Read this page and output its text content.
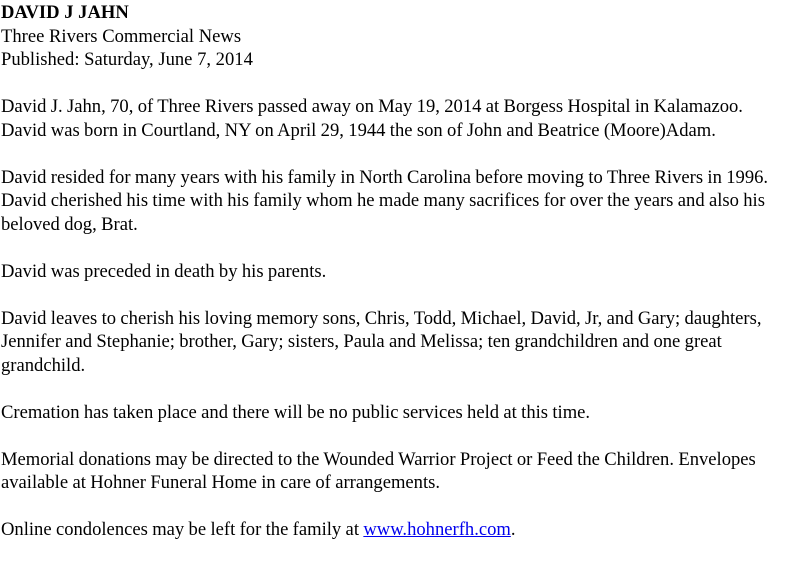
DAVID J JAHN
Three Rivers Commercial News
Published: Saturday, June 7, 2014

David J. Jahn, 70, of Three Rivers passed away on May 19, 2014 at Borgess Hospital in Kalamazoo. David was born in Courtland, NY on April 29, 1944 the son of John and Beatrice (Moore)Adam.

David resided for many years with his family in North Carolina before moving to Three Rivers in 1996. David cherished his time with his family whom he made many sacrifices for over the years and also his beloved dog, Brat.

David was preceded in death by his parents.

David leaves to cherish his loving memory sons, Chris, Todd, Michael, David, Jr, and Gary; daughters, Jennifer and Stephanie; brother, Gary; sisters, Paula and Melissa; ten grandchildren and one great grandchild.

Cremation has taken place and there will be no public services held at this time.

Memorial donations may be directed to the Wounded Warrior Project or Feed the Children. Envelopes available at Hohner Funeral Home in care of arrangements.

Online condolences may be left for the family at www.hohnerfh.com.
